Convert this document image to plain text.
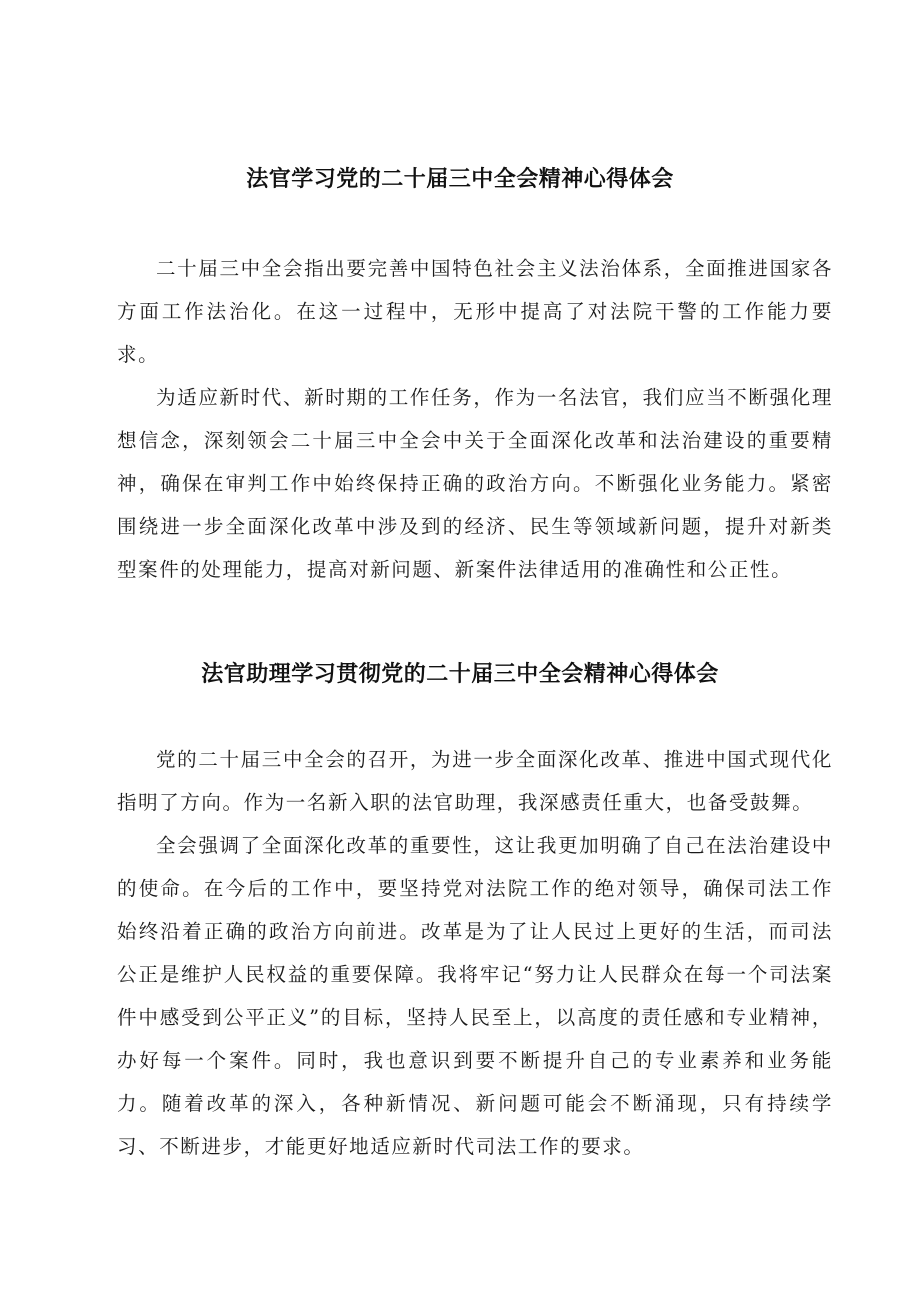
法官学习党的二十届三中全会精神心得体会

二十届三中全会指出要完善中国特色社会主义法治体系，全面推进国家各方面工作法治化。在这一过程中，无形中提高了对法院干警的工作能力要求。

为适应新时代、新时期的工作任务，作为一名法官，我们应当不断强化理想信念，深刻领会二十届三中全会中关于全面深化改革和法治建设的重要精神，确保在审判工作中始终保持正确的政治方向。不断强化业务能力。紧密围绕进一步全面深化改革中涉及到的经济、民生等领域新问题，提升对新类型案件的处理能力，提高对新问题、新案件法律适用的准确性和公正性。

法官助理学习贯彻党的二十届三中全会精神心得体会

党的二十届三中全会的召开，为进一步全面深化改革、推进中国式现代化指明了方向。作为一名新入职的法官助理，我深感责任重大，也备受鼓舞。

全会强调了全面深化改革的重要性，这让我更加明确了自己在法治建设中的使命。在今后的工作中，要坚持党对法院工作的绝对领导，确保司法工作始终沿着正确的政治方向前进。改革是为了让人民过上更好的生活，而司法公正是维护人民权益的重要保障。我将牢记“努力让人民群众在每一个司法案件中感受到公平正义”的目标，坚持人民至上，以高度的责任感和专业精神，办好每一个案件。同时，我也意识到要不断提升自己的专业素养和业务能力。随着改革的深入，各种新情况、新问题可能会不断涌现，只有持续学习、不断进步，才能更好地适应新时代司法工作的要求。
